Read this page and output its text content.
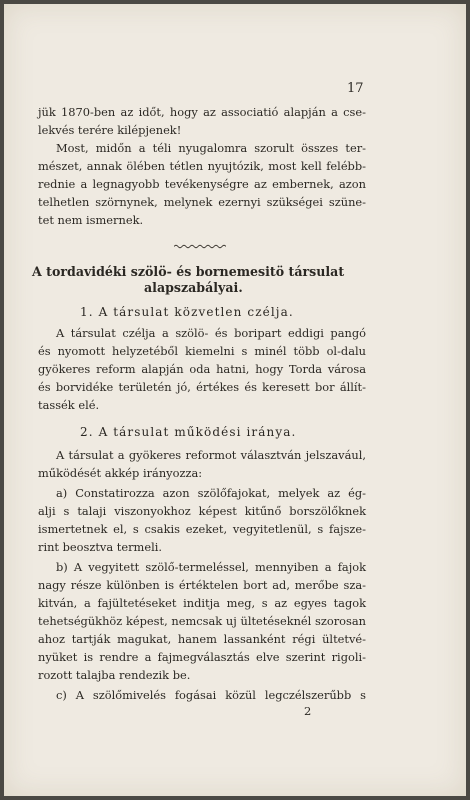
17
jük 1870-ben az időt, hogy az associatió alapján a cse-
lekvés terére kilépjenek!
Most, midőn a téli nyugalomra szorult összes ter-
mészet, annak ölében tétlen nyujtózik, most kell felébb-
rednie a legnagyobb tevékenységre az embernek, azon
telhetlen szörnynek, melynek ezernyi szükségei szüne-
tet nem ismernek.
A tordavidéki szölö- és bornemesitö társulat
alapszabályai.
1. A társulat közvetlen czélja.
A társulat czélja a szölö- és boripart eddigi pangó
és nyomott helyzetéből kiemelni s minél több ol-dalu
gyökeres reform alapján oda hatni, hogy Torda városa
és borvidéke területén jó, értékes és keresett bor állít-
tassék elé.
2. A társulat működési iránya.
A társulat a gyökeres reformot választván jelszavául,
működését akkép irányozza:
a) Constatirozza azon szölőfajokat, melyek az ég-
alji s talaji viszonyokhoz képest kitűnő borszölőknek
ismertetnek el, s csakis ezeket, vegyitetlenül, s fajsze-
rint beosztva termeli.
b) A vegyitett szölő-termeléssel, mennyiben a fajok
nagy része különben is értéktelen bort ad, merőbe sza-
kitván, a fajültetéseket inditja meg, s az egyes tagok
tehetségükhöz képest, nemcsak uj ültetéseknél szorosan
ahoz tartják magukat, hanem lassanként régi ültetvé-
nyüket is rendre a fajmegválasztás elve szerint rigoli-
rozott talajba rendezik be.
c) A szölőmivelés fogásai közül legczélszerűbb s
2
